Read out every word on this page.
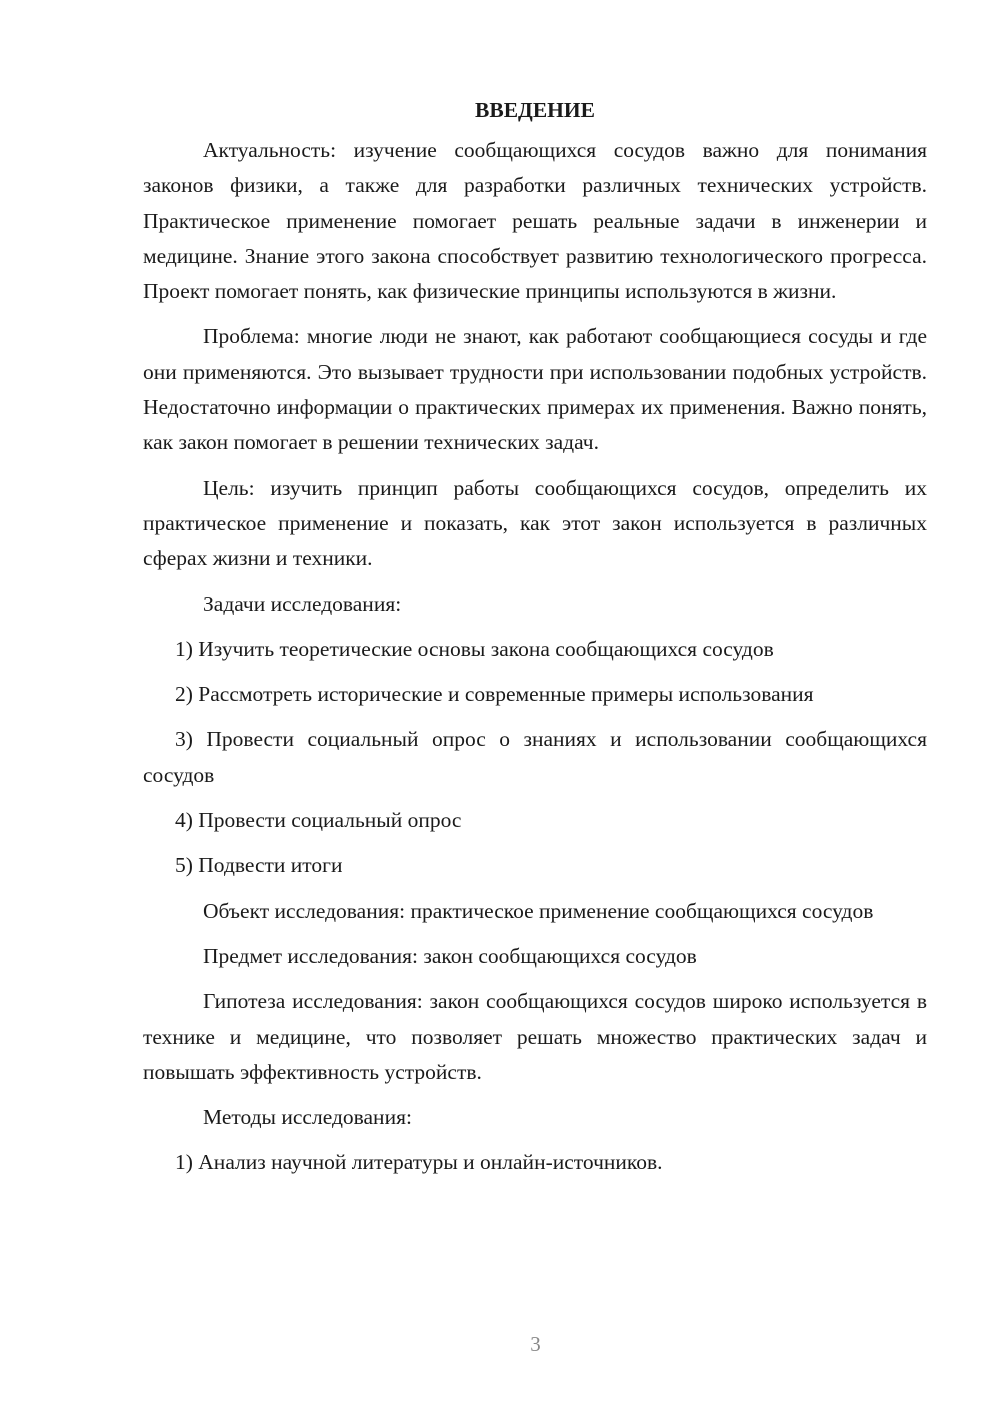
ВВЕДЕНИЕ

Актуальность: изучение сообщающихся сосудов важно для понимания законов физики, а также для разработки различных технических устройств. Практическое применение помогает решать реальные задачи в инженерии и медицине. Знание этого закона способствует развитию технологического прогресса. Проект помогает понять, как физические принципы используются в жизни.

Проблема: многие люди не знают, как работают сообщающиеся сосуды и где они применяются. Это вызывает трудности при использовании подобных устройств. Недостаточно информации о практических примерах их применения. Важно понять, как закон помогает в решении технических задач.

Цель: изучить принцип работы сообщающихся сосудов, определить их практическое применение и показать, как этот закон используется в различных сферах жизни и техники.

Задачи исследования:

1) Изучить теоретические основы закона сообщающихся сосудов

2) Рассмотреть исторические и современные примеры использования

3) Провести социальный опрос о знаниях и использовании сообщающихся сосудов

4) Провести социальный опрос

5) Подвести итоги

Объект исследования: практическое применение сообщающихся сосудов

Предмет исследования: закон сообщающихся сосудов

Гипотеза исследования: закон сообщающихся сосудов широко используется в технике и медицине, что позволяет решать множество практических задач и повышать эффективность устройств.

Методы исследования:

1) Анализ научной литературы и онлайн-источников.

3
